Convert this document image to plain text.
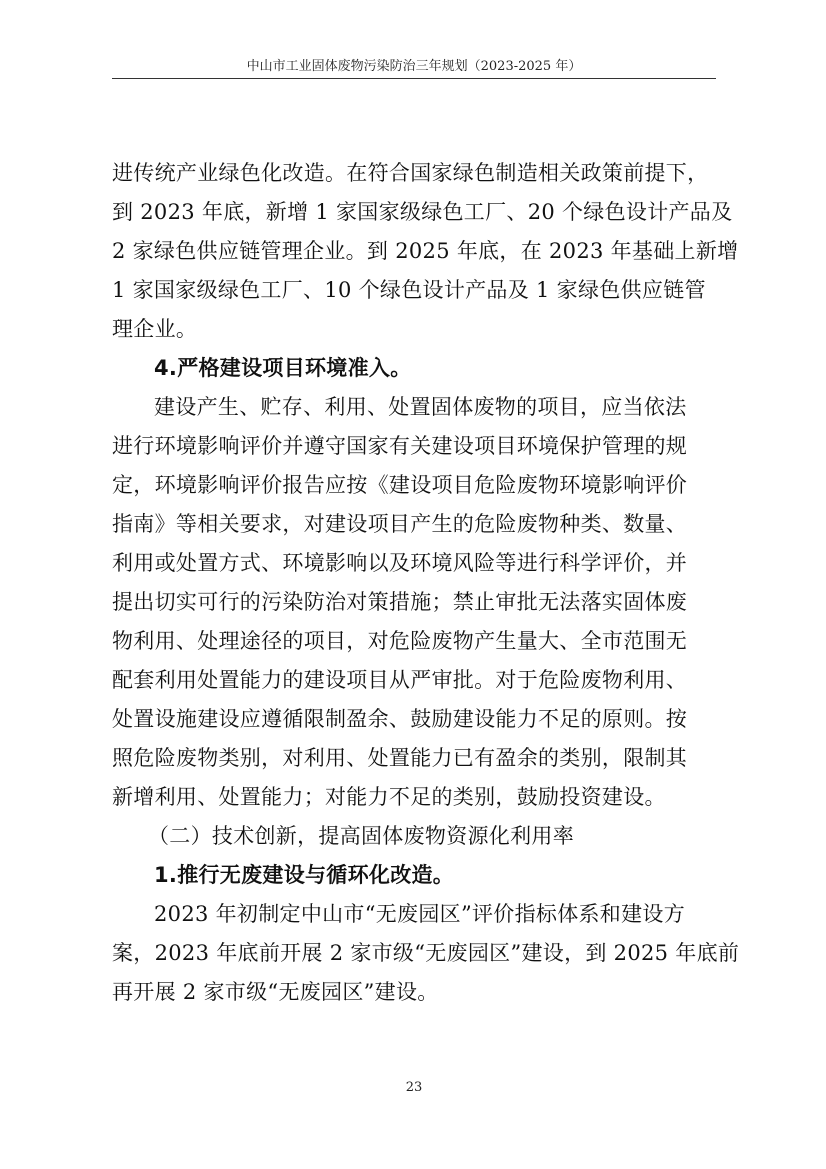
中山市工业固体废物污染防治三年规划（2023-2025 年）
进传统产业绿色化改造。在符合国家绿色制造相关政策前提下，
到 2023 年底，新增 1 家国家级绿色工厂、20 个绿色设计产品及
2 家绿色供应链管理企业。到 2025 年底，在 2023 年基础上新增
1 家国家级绿色工厂、10 个绿色设计产品及 1 家绿色供应链管
理企业。
4.严格建设项目环境准入。
建设产生、贮存、利用、处置固体废物的项目，应当依法
进行环境影响评价并遵守国家有关建设项目环境保护管理的规
定，环境影响评价报告应按《建设项目危险废物环境影响评价
指南》等相关要求，对建设项目产生的危险废物种类、数量、
利用或处置方式、环境影响以及环境风险等进行科学评价，并
提出切实可行的污染防治对策措施；禁止审批无法落实固体废
物利用、处理途径的项目，对危险废物产生量大、全市范围无
配套利用处置能力的建设项目从严审批。对于危险废物利用、
处置设施建设应遵循限制盈余、鼓励建设能力不足的原则。按
照危险废物类别，对利用、处置能力已有盈余的类别，限制其
新增利用、处置能力；对能力不足的类别，鼓励投资建设。
（二）技术创新，提高固体废物资源化利用率
1.推行无废建设与循环化改造。
2023 年初制定中山市“无废园区”评价指标体系和建设方
案，2023 年底前开展 2 家市级“无废园区”建设，到 2025 年底前
再开展 2 家市级“无废园区”建设。
23
